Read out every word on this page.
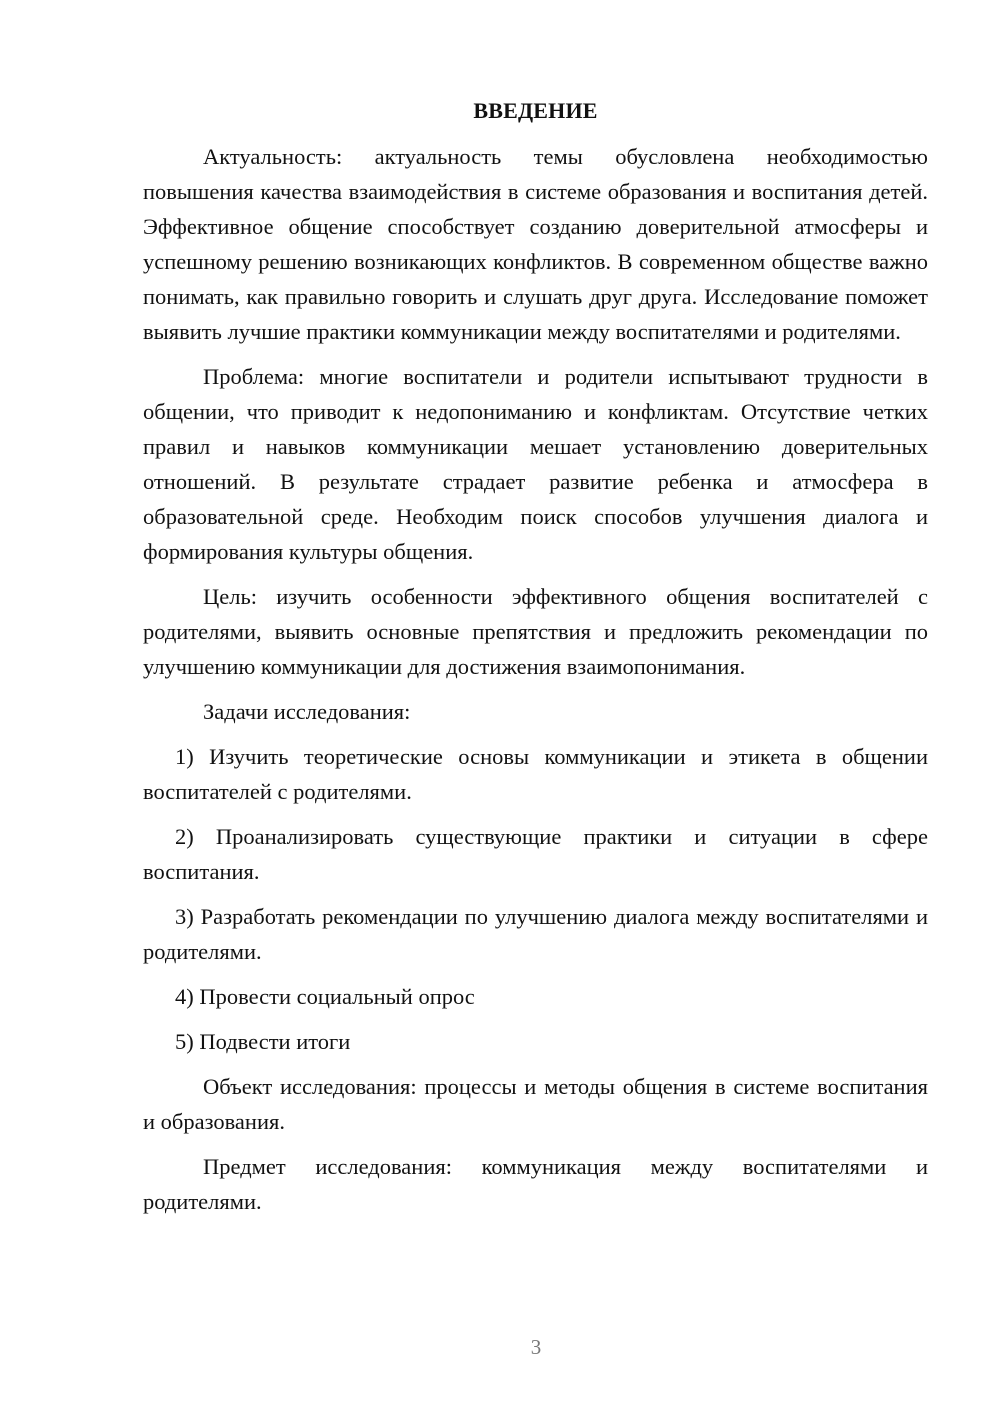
ВВЕДЕНИЕ

Актуальность: актуальность темы обусловлена необходимостью повышения качества взаимодействия в системе образования и воспитания детей. Эффективное общение способствует созданию доверительной атмосферы и успешному решению возникающих конфликтов. В современном обществе важно понимать, как правильно говорить и слушать друг друга. Исследование поможет выявить лучшие практики коммуникации между воспитателями и родителями.

Проблема: многие воспитатели и родители испытывают трудности в общении, что приводит к недопониманию и конфликтам. Отсутствие четких правил и навыков коммуникации мешает установлению доверительных отношений. В результате страдает развитие ребенка и атмосфера в образовательной среде. Необходим поиск способов улучшения диалога и формирования культуры общения.

Цель: изучить особенности эффективного общения воспитателей с родителями, выявить основные препятствия и предложить рекомендации по улучшению коммуникации для достижения взаимопонимания.

Задачи исследования:

1) Изучить теоретические основы коммуникации и этикета в общении воспитателей с родителями.

2) Проанализировать существующие практики и ситуации в сфере воспитания.

3) Разработать рекомендации по улучшению диалога между воспитателями и родителями.

4) Провести социальный опрос

5) Подвести итоги

Объект исследования: процессы и методы общения в системе воспитания и образования.

Предмет исследования: коммуникация между воспитателями и родителями.

3
